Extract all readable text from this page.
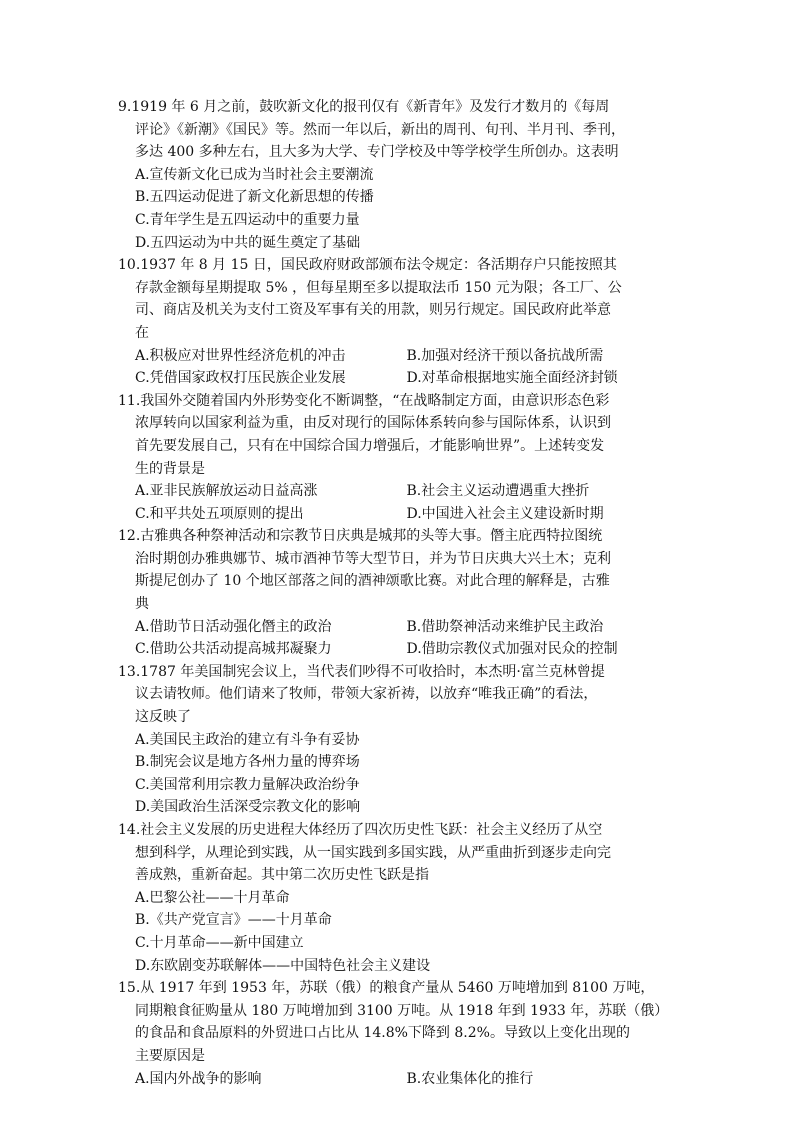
9.1919 年 6 月之前，鼓吹新文化的报刊仅有《新青年》及发行才数月的《每周
评论》《新潮》《国民》等。然而一年以后，新出的周刊、旬刊、半月刊、季刊，
多达 400 多种左右，且大多为大学、专门学校及中等学校学生所创办。这表明
A.宣传新文化已成为当时社会主要潮流
B.五四运动促进了新文化新思想的传播
C.青年学生是五四运动中的重要力量
D.五四运动为中共的诞生奠定了基础
10.1937 年 8 月 15 日，国民政府财政部颁布法令规定：各活期存户只能按照其
存款金额每星期提取 5% ，但每星期至多以提取法币 150 元为限；各工厂、公
司、商店及机关为支付工资及军事有关的用款，则另行规定。国民政府此举意
在
A.积极应对世界性经济危机的冲击	B.加强对经济干预以备抗战所需
C.凭借国家政权打压民族企业发展	D.对革命根据地实施全面经济封锁
11.我国外交随着国内外形势变化不断调整，“在战略制定方面，由意识形态色彩
浓厚转向以国家利益为重，由反对现行的国际体系转向参与国际体系，认识到
首先要发展自己，只有在中国综合国力增强后，才能影响世界”。上述转变发
生的背景是
A.亚非民族解放运动日益高涨	B.社会主义运动遭遇重大挫折
C.和平共处五项原则的提出	D.中国进入社会主义建设新时期
12.古雅典各种祭神活动和宗教节日庆典是城邦的头等大事。僭主庇西特拉图统
治时期创办雅典娜节、城市酒神节等大型节日，并为节日庆典大兴土木；克利
斯提尼创办了 10 个地区部落之间的酒神颂歌比赛。对此合理的解释是，古雅
典
A.借助节日活动强化僭主的政治	B.借助祭神活动来维护民主政治
C.借助公共活动提高城邦凝聚力	D.借助宗教仪式加强对民众的控制
13.1787 年美国制宪会议上，当代表们吵得不可收拾时，本杰明·富兰克林曾提
议去请牧师。他们请来了牧师，带领大家祈祷，以放弃“唯我正确”的看法，
这反映了
A.美国民主政治的建立有斗争有妥协
B.制宪会议是地方各州力量的博弈场
C.美国常利用宗教力量解决政治纷争
D.美国政治生活深受宗教文化的影响
14.社会主义发展的历史进程大体经历了四次历史性飞跃：社会主义经历了从空
想到科学，从理论到实践，从一国实践到多国实践，从严重曲折到逐步走向完
善成熟，重新奋起。其中第二次历史性飞跃是指
A.巴黎公社——十月革命
B.《共产党宣言》——十月革命
C.十月革命——新中国建立
D.东欧剧变苏联解体——中国特色社会主义建设
15.从 1917 年到 1953 年，苏联（俄）的粮食产量从 5460 万吨增加到 8100 万吨，
同期粮食征购量从 180 万吨增加到 3100 万吨。从 1918 年到 1933 年，苏联（俄）
的食品和食品原料的外贸进口占比从 14.8%下降到 8.2%。导致以上变化出现的
主要原因是
A.国内外战争的影响	B.农业集体化的推行
